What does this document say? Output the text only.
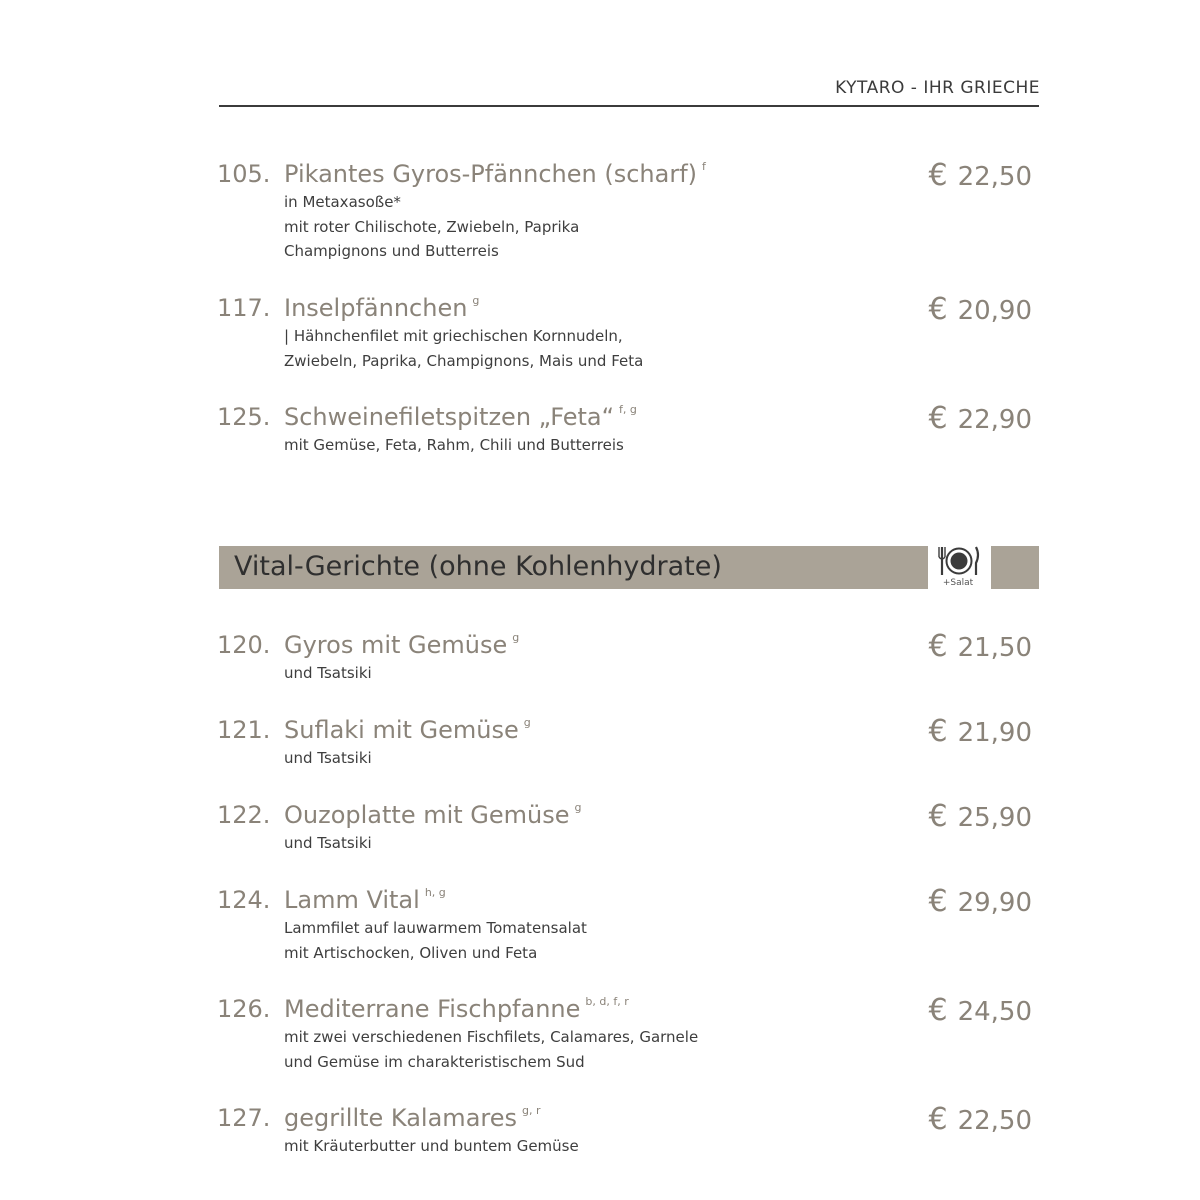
KYTARO - IHR GRIECHE
105. Pikantes Gyros-Pfännchen (scharf) $^f$
in Metaxasoße*
mit roter Chilischote, Zwiebeln, Paprika
Champignons und Butterreis
€ 22,50
117. Inselpfännchen $^g$
| Hähnchenfilet mit griechischen Kornnudeln,
Zwiebeln, Paprika, Champignons, Mais und Feta
€ 20,90
125. Schweinefiletspitzen „Feta“ $^{f, g}$
mit Gemüse, Feta, Rahm, Chili und Butterreis
€ 22,90
Vital-Gerichte (ohne Kohlenhydrate)
+Salat
120. Gyros mit Gemüse $^g$
und Tsatsiki
€ 21,50
121. Suflaki mit Gemüse $^g$
und Tsatsiki
€ 21,90
122. Ouzoplatte mit Gemüse $^g$
und Tsatsiki
€ 25,90
124. Lamm Vital $^{h, g}$
Lammfilet auf lauwarmem Tomatensalat
mit Artischocken, Oliven und Feta
€ 29,90
126. Mediterrane Fischpfanne $^{b, d, f, r}$
mit zwei verschiedenen Fischfilets, Calamares, Garnele
und Gemüse im charakteristischem Sud
€ 24,50
127. gegrillte Kalamares $^{g, r}$
mit Kräuterbutter und buntem Gemüse
€ 22,50
